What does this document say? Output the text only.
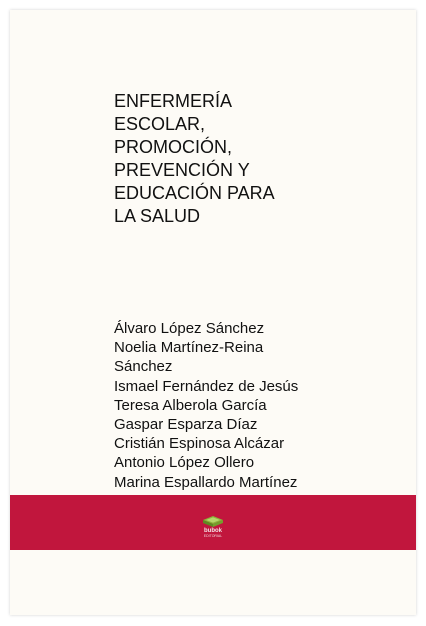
ENFERMERÍA
ESCOLAR,
PROMOCIÓN,
PREVENCIÓN Y
EDUCACIÓN PARA
LA SALUD
Álvaro López Sánchez
Noelia Martínez-Reina
Sánchez
Ismael Fernández de Jesús
Teresa Alberola García
Gaspar Esparza Díaz
Cristián Espinosa Alcázar
Antonio López Ollero
Marina Espallardo Martínez
bubok
EDITORIAL
